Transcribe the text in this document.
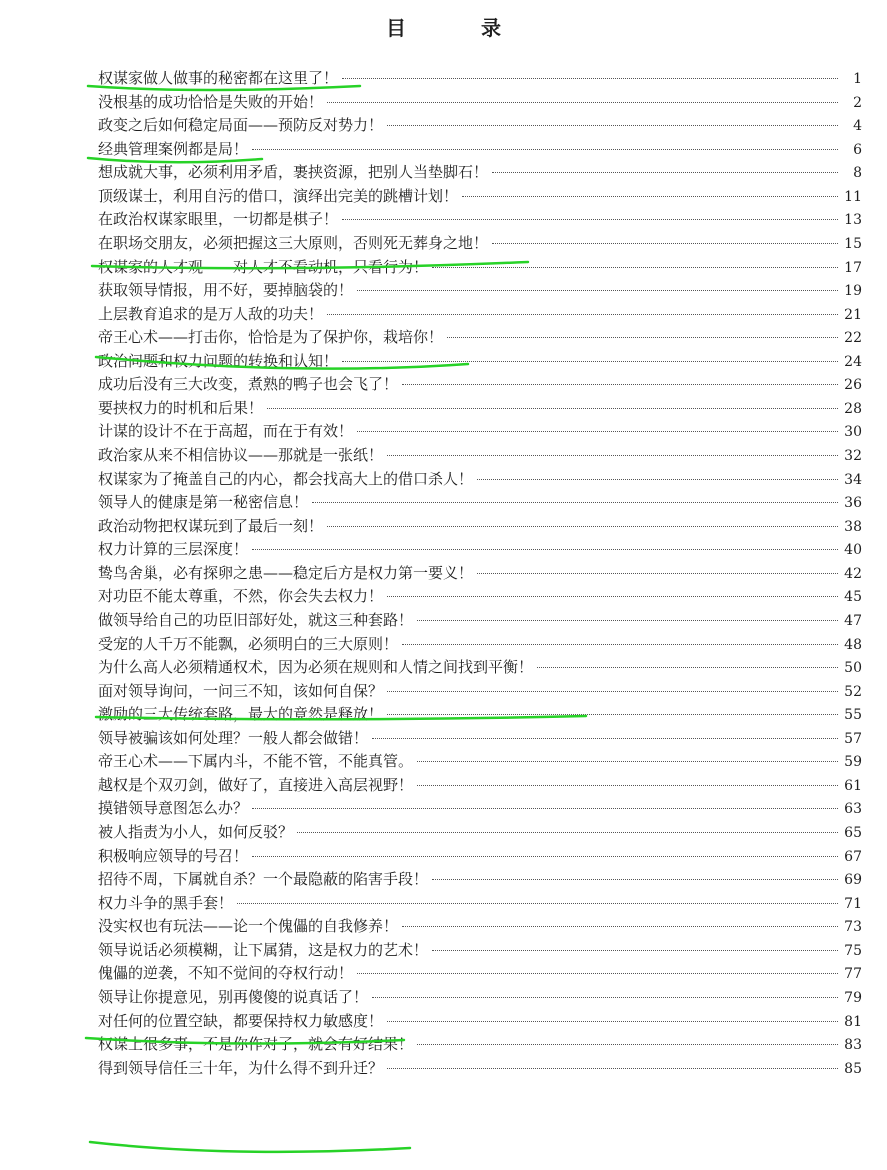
目 录
权谋家做人做事的秘密都在这里了！	1
没根基的成功恰恰是失败的开始！	2
政变之后如何稳定局面——预防反对势力！	4
经典管理案例都是局！	6
想成就大事，必须利用矛盾，裹挟资源，把别人当垫脚石！	8
顶级谋士，利用自污的借口，演绎出完美的跳槽计划！	11
在政治权谋家眼里，一切都是棋子！	13
在职场交朋友，必须把握这三大原则，否则死无葬身之地！	15
权谋家的人才观——对人才不看动机，只看行为！	17
获取领导情报，用不好，要掉脑袋的！	19
上层教育追求的是万人敌的功夫！	21
帝王心术——打击你，恰恰是为了保护你，栽培你！	22
政治问题和权力问题的转换和认知！	24
成功后没有三大改变，煮熟的鸭子也会飞了！	26
要挟权力的时机和后果！	28
计谋的设计不在于高超，而在于有效！	30
政治家从来不相信协议——那就是一张纸！	32
权谋家为了掩盖自己的内心，都会找高大上的借口杀人！	34
领导人的健康是第一秘密信息！	36
政治动物把权谋玩到了最后一刻！	38
权力计算的三层深度！	40
鸷鸟舍巢，必有探卵之患——稳定后方是权力第一要义！	42
对功臣不能太尊重，不然，你会失去权力！	45
做领导给自己的功臣旧部好处，就这三种套路！	47
受宠的人千万不能飘，必须明白的三大原则！	48
为什么高人必须精通权术，因为必须在规则和人情之间找到平衡！	50
面对领导询问，一问三不知，该如何自保？	52
激励的三大传统套路，最大的竟然是释放！	55
领导被骗该如何处理？一般人都会做错！	57
帝王心术——下属内斗，不能不管，不能真管。	59
越权是个双刃剑，做好了，直接进入高层视野！	61
摸错领导意图怎么办？	63
被人指责为小人，如何反驳？	65
积极响应领导的号召！	67
招待不周，下属就自杀？一个最隐蔽的陷害手段！	69
权力斗争的黑手套！	71
没实权也有玩法——论一个傀儡的自我修养！	73
领导说话必须模糊，让下属猜，这是权力的艺术！	75
傀儡的逆袭，不知不觉间的夺权行动！	77
领导让你提意见，别再傻傻的说真话了！	79
对任何的位置空缺，都要保持权力敏感度！	81
权谋上很多事，不是你作对了，就会有好结果！	83
得到领导信任三十年，为什么得不到升迁？	85
